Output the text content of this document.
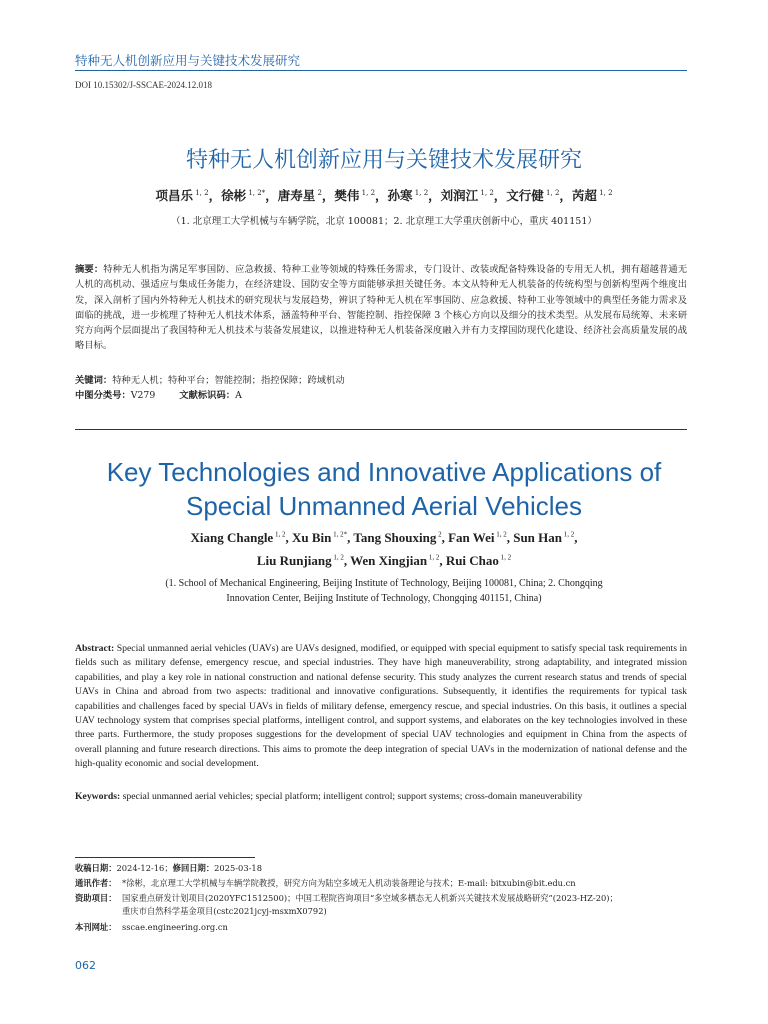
特种无人机创新应用与关键技术发展研究
DOI 10.15302/J-SSCAE-2024.12.018
特种无人机创新应用与关键技术发展研究
项昌乐 $^{1, 2}$，徐彬 $^{1, 2*}$，唐寿星 $^2$，樊伟 $^{1, 2}$，孙寒 $^{1, 2}$，刘润江 $^{1, 2}$，文行健 $^{1, 2}$，芮超 $^{1, 2}$
（1. 北京理工大学机械与车辆学院，北京 100081；2. 北京理工大学重庆创新中心，重庆 401151）
摘要：特种无人机指为满足军事国防、应急救援、特种工业等领域的特殊任务需求，专门设计、改装或配备特殊设备的专用无人机，拥有超越普通无人机的高机动、强适应与集成任务能力，在经济建设、国防安全等方面能够承担关键任务。本文从特种无人机装备的传统构型与创新构型两个维度出发，深入剖析了国内外特种无人机技术的研究现状与发展趋势，辨识了特种无人机在军事国防、应急救援、特种工业等领域中的典型任务能力需求及面临的挑战，进一步梳理了特种无人机技术体系，涵盖特种平台、智能控制、指控保障 3 个核心方向以及细分的技术类型。从发展布局统筹、未来研究方向两个层面提出了我国特种无人机技术与装备发展建议，以推进特种无人机装备深度融入并有力支撑国防现代化建设、经济社会高质量发展的战略目标。
关键词：特种无人机；特种平台；智能控制；指控保障；跨域机动
中图分类号：V279	文献标识码：A
Key Technologies and Innovative Applications of
Special Unmanned Aerial Vehicles
Xiang Changle $^{1, 2}$, Xu Bin $^{1, 2*}$, Tang Shouxing $^2$, Fan Wei $^{1, 2}$, Sun Han $^{1, 2}$,
Liu Runjiang $^{1, 2}$, Wen Xingjian $^{1, 2}$, Rui Chao $^{1, 2}$
(1. School of Mechanical Engineering, Beijing Institute of Technology, Beijing 100081, China; 2. Chongqing
Innovation Center, Beijing Institute of Technology, Chongqing 401151, China)
Abstract: Special unmanned aerial vehicles (UAVs) are UAVs designed, modified, or equipped with special equipment to satisfy special task requirements in fields such as military defense, emergency rescue, and special industries. They have high maneuverability, strong adaptability, and integrated mission capabilities, and play a key role in national construction and national defense security. This study analyzes the current research status and trends of special UAVs in China and abroad from two aspects: traditional and innovative configurations. Subsequently, it identifies the requirements for typical task capabilities and challenges faced by special UAVs in fields of military defense, emergency rescue, and special industries. On this basis, it outlines a special UAV technology system that comprises special platforms, intelligent control, and support systems, and elaborates on the key technologies involved in these three parts. Furthermore, the study proposes suggestions for the development of special UAV technologies and equipment in China from the aspects of overall planning and future research directions. This aims to promote the deep integration of special UAVs in the modernization of national defense and the high-quality economic and social development.
Keywords: special unmanned aerial vehicles; special platform; intelligent control; support systems; cross-domain maneuverability
收稿日期：2024-12-16；修回日期：2025-03-18
通讯作者： *徐彬，北京理工大学机械与车辆学院教授，研究方向为陆空多域无人机动装备理论与技术；E-mail: bitxubin@bit.edu.cn
资助项目： 国家重点研发计划项目(2020YFC1512500)；中国工程院咨询项目“多空域多栖态无人机新兴关键技术发展战略研究”(2023-HZ-20)；
重庆市自然科学基金项目(cstc2021jcyj-msxmX0792)
本刊网址： sscae.engineering.org.cn
062
